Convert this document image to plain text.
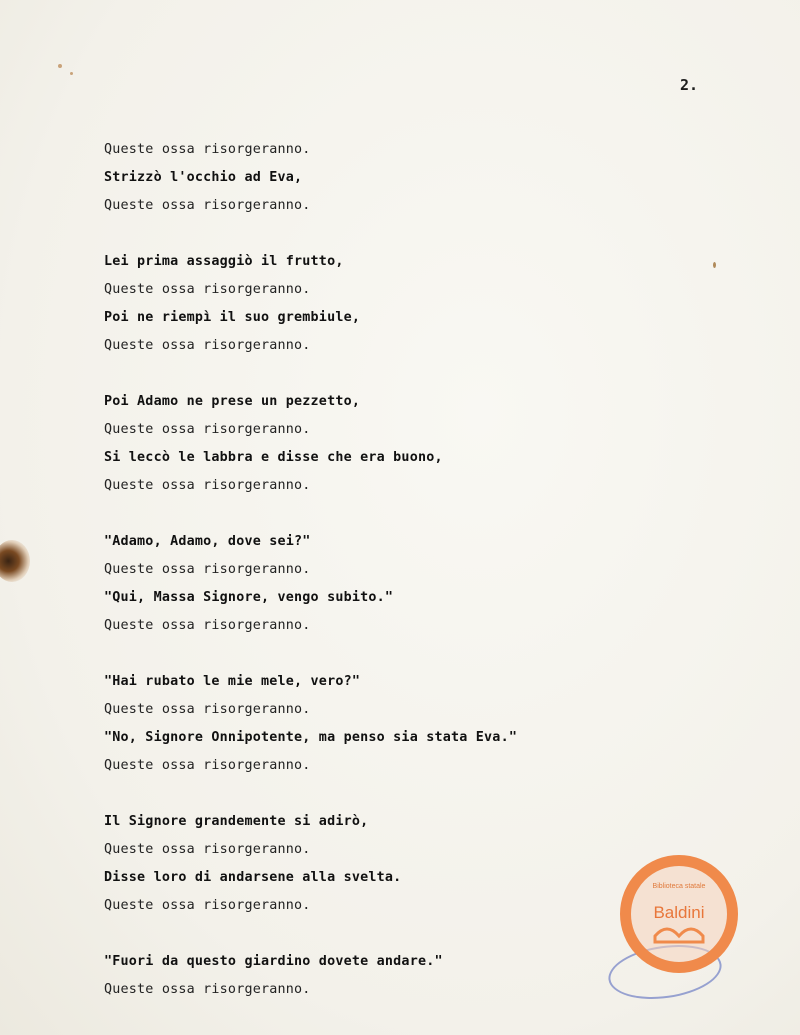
2.
Queste ossa risorgeranno.
Strizzò l'occhio ad Eva,
Queste ossa risorgeranno.
Lei prima assaggiò il frutto,
Queste ossa risorgeranno.
Poi ne riempì il suo grembiule,
Queste ossa risorgeranno.
Poi Adamo ne prese un pezzetto,
Queste ossa risorgeranno.
Si leccò le labbra e disse che era buono,
Queste ossa risorgeranno.
"Adamo, Adamo, dove sei?"
Queste ossa risorgeranno.
"Qui, Massa Signore, vengo subito."
Queste ossa risorgeranno.
"Hai rubato le mie mele, vero?"
Queste ossa risorgeranno.
"No, Signore Onnipotente, ma penso sia stata Eva."
Queste ossa risorgeranno.
Il Signore grandemente si adirò,
Queste ossa risorgeranno.
Disse loro di andarsene alla svelta.
Queste ossa risorgeranno.
"Fuori da questo giardino dovete andare."
Queste ossa risorgeranno.
Biblioteca statale
Baldini
